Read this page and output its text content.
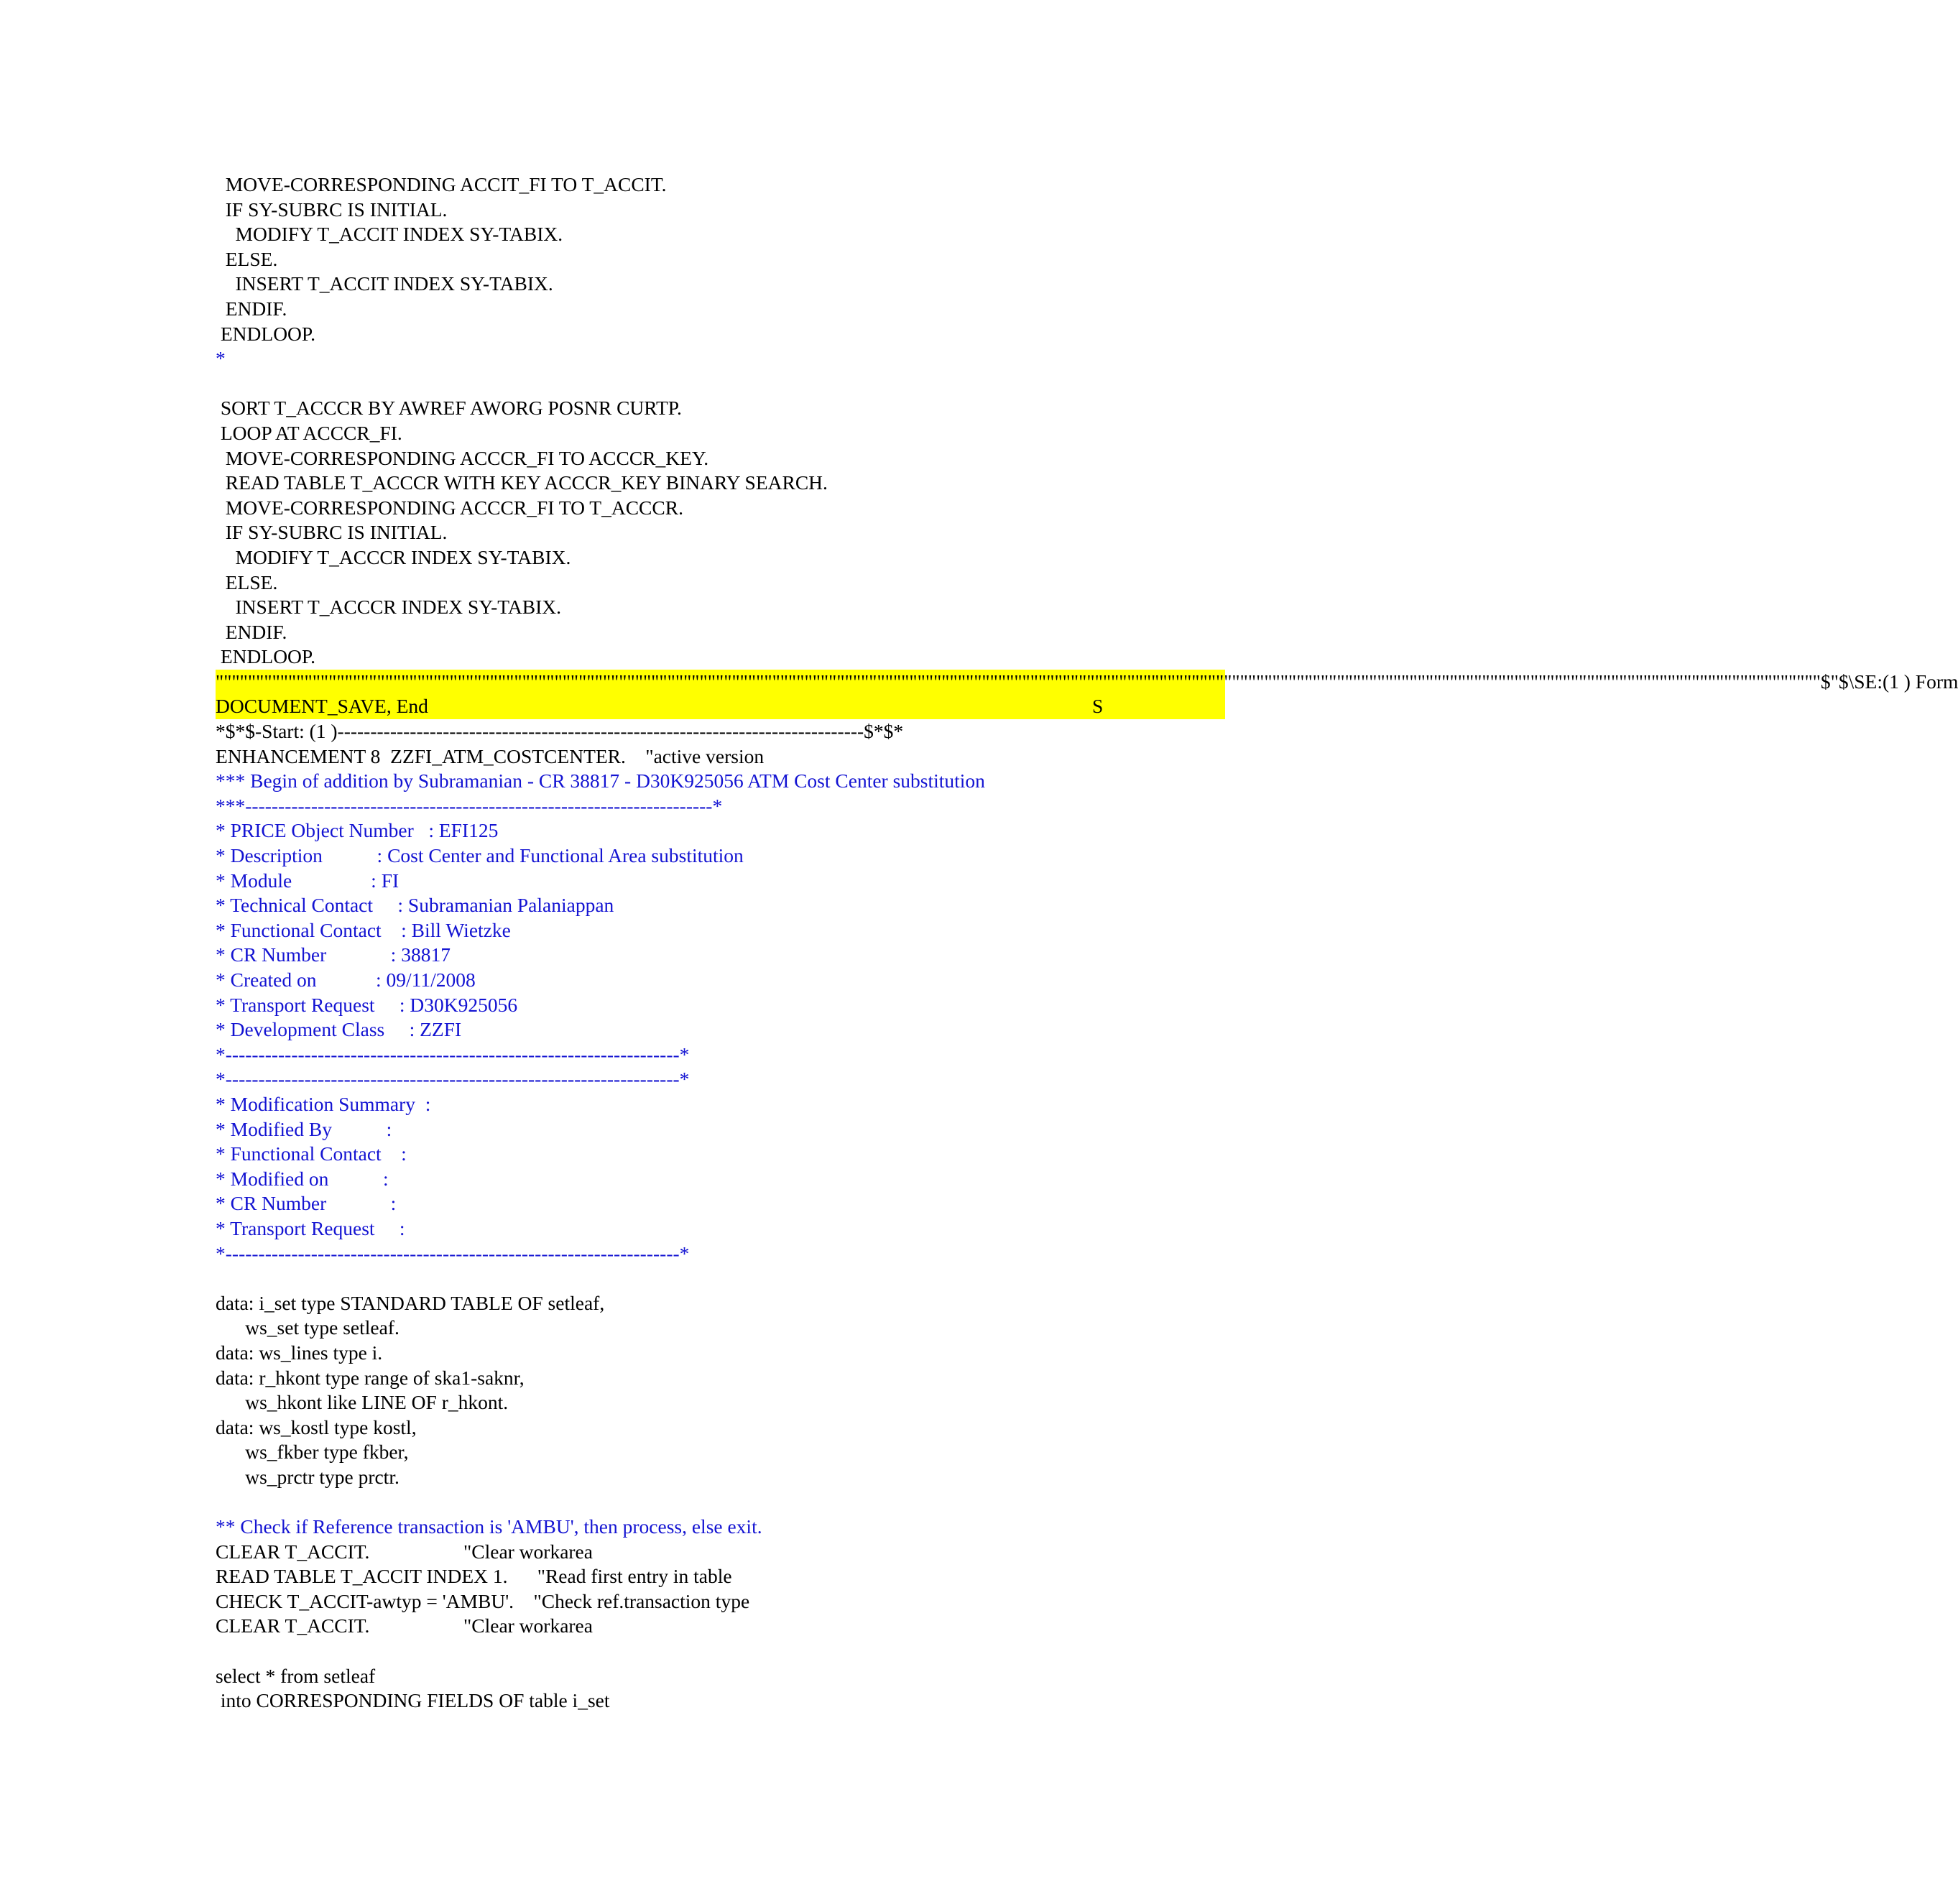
MOVE-CORRESPONDING ACCIT_FI TO T_ACCIT.
IF SY-SUBRC IS INITIAL.
MODIFY T_ACCIT INDEX SY-TABIX.
ELSE.
INSERT T_ACCIT INDEX SY-TABIX.
ENDIF.
ENDLOOP.
*
SORT T_ACCCR BY AWREF AWORG POSNR CURTP.
LOOP AT ACCCR_FI.
MOVE-CORRESPONDING ACCCR_FI TO ACCCR_KEY.
READ TABLE T_ACCCR WITH KEY ACCCR_KEY BINARY SEARCH.
MOVE-CORRESPONDING ACCCR_FI TO T_ACCCR.
IF SY-SUBRC IS INITIAL.
MODIFY T_ACCCR INDEX SY-TABIX.
ELSE.
INSERT T_ACCCR INDEX SY-TABIX.
ENDIF.
ENDLOOP.
"""""""""""""""""""""""""""""""""""""""""""""""""""""""""""""""""""""""""""""""""""""""""""""""""""""""""""""""""""""""""""""""""""""""""""""""""""""""""""""""""""""""""""""""""""""""""""""""""""""""$"$\SE:(1 ) Form
DOCUMENT_SAVE, End	S
*$*$-Start: (1 )--------------------------------------------------------------------------------$*$*
ENHANCEMENT 8  ZZFI_ATM_COSTCENTER.    "active version
*** Begin of addition by Subramanian - CR 38817 - D30K925056 ATM Cost Center substitution
***-----------------------------------------------------------------------*
* PRICE Object Number   : EFI125
* Description           : Cost Center and Functional Area substitution
* Module                : FI
* Technical Contact     : Subramanian Palaniappan
* Functional Contact    : Bill Wietzke
* CR Number             : 38817
* Created on            : 09/11/2008
* Transport Request     : D30K925056
* Development Class     : ZZFI
*---------------------------------------------------------------------*
*---------------------------------------------------------------------*
* Modification Summary  :
* Modified By           :
* Functional Contact    :
* Modified on           :
* CR Number             :
* Transport Request     :
*---------------------------------------------------------------------*
data: i_set type STANDARD TABLE OF setleaf,
ws_set type setleaf.
data: ws_lines type i.
data: r_hkont type range of ska1-saknr,
ws_hkont like LINE OF r_hkont.
data: ws_kostl type kostl,
ws_fkber type fkber,
ws_prctr type prctr.
** Check if Reference transaction is 'AMBU', then process, else exit.
CLEAR T_ACCIT.                   "Clear workarea
READ TABLE T_ACCIT INDEX 1.      "Read first entry in table
CHECK T_ACCIT-awtyp = 'AMBU'.    "Check ref.transaction type
CLEAR T_ACCIT.                   "Clear workarea
select * from setleaf
into CORRESPONDING FIELDS OF table i_set
